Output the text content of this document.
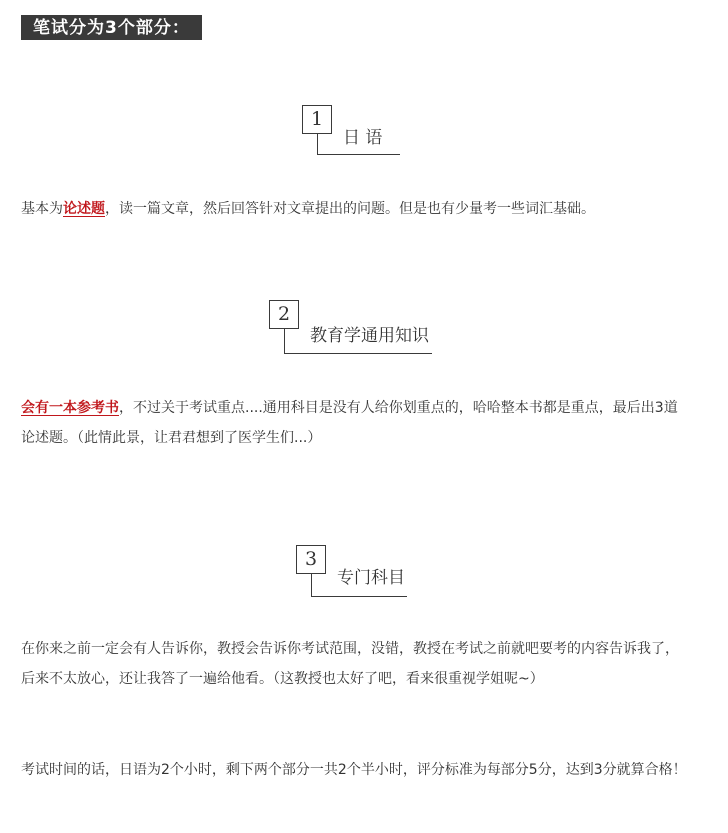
笔试分为3个部分：
1
日 语
基本为论述题，读一篇文章，然后回答针对文章提出的问题。但是也有少量考一些词汇基础。
2
教育学通用知识
会有一本参考书，不过关于考试重点....通用科目是没有人给你划重点的，哈哈整本书都是重点，最后出3道论述题。（此情此景，让君君想到了医学生们...）
3
专门科目
在你来之前一定会有人告诉你，教授会告诉你考试范围，没错，教授在考试之前就吧要考的内容告诉我了，后来不太放心，还让我答了一遍给他看。（这教授也太好了吧，看来很重视学姐呢~）
考试时间的话，日语为2个小时，剩下两个部分一共2个半小时，评分标准为每部分5分，达到3分就算合格！
